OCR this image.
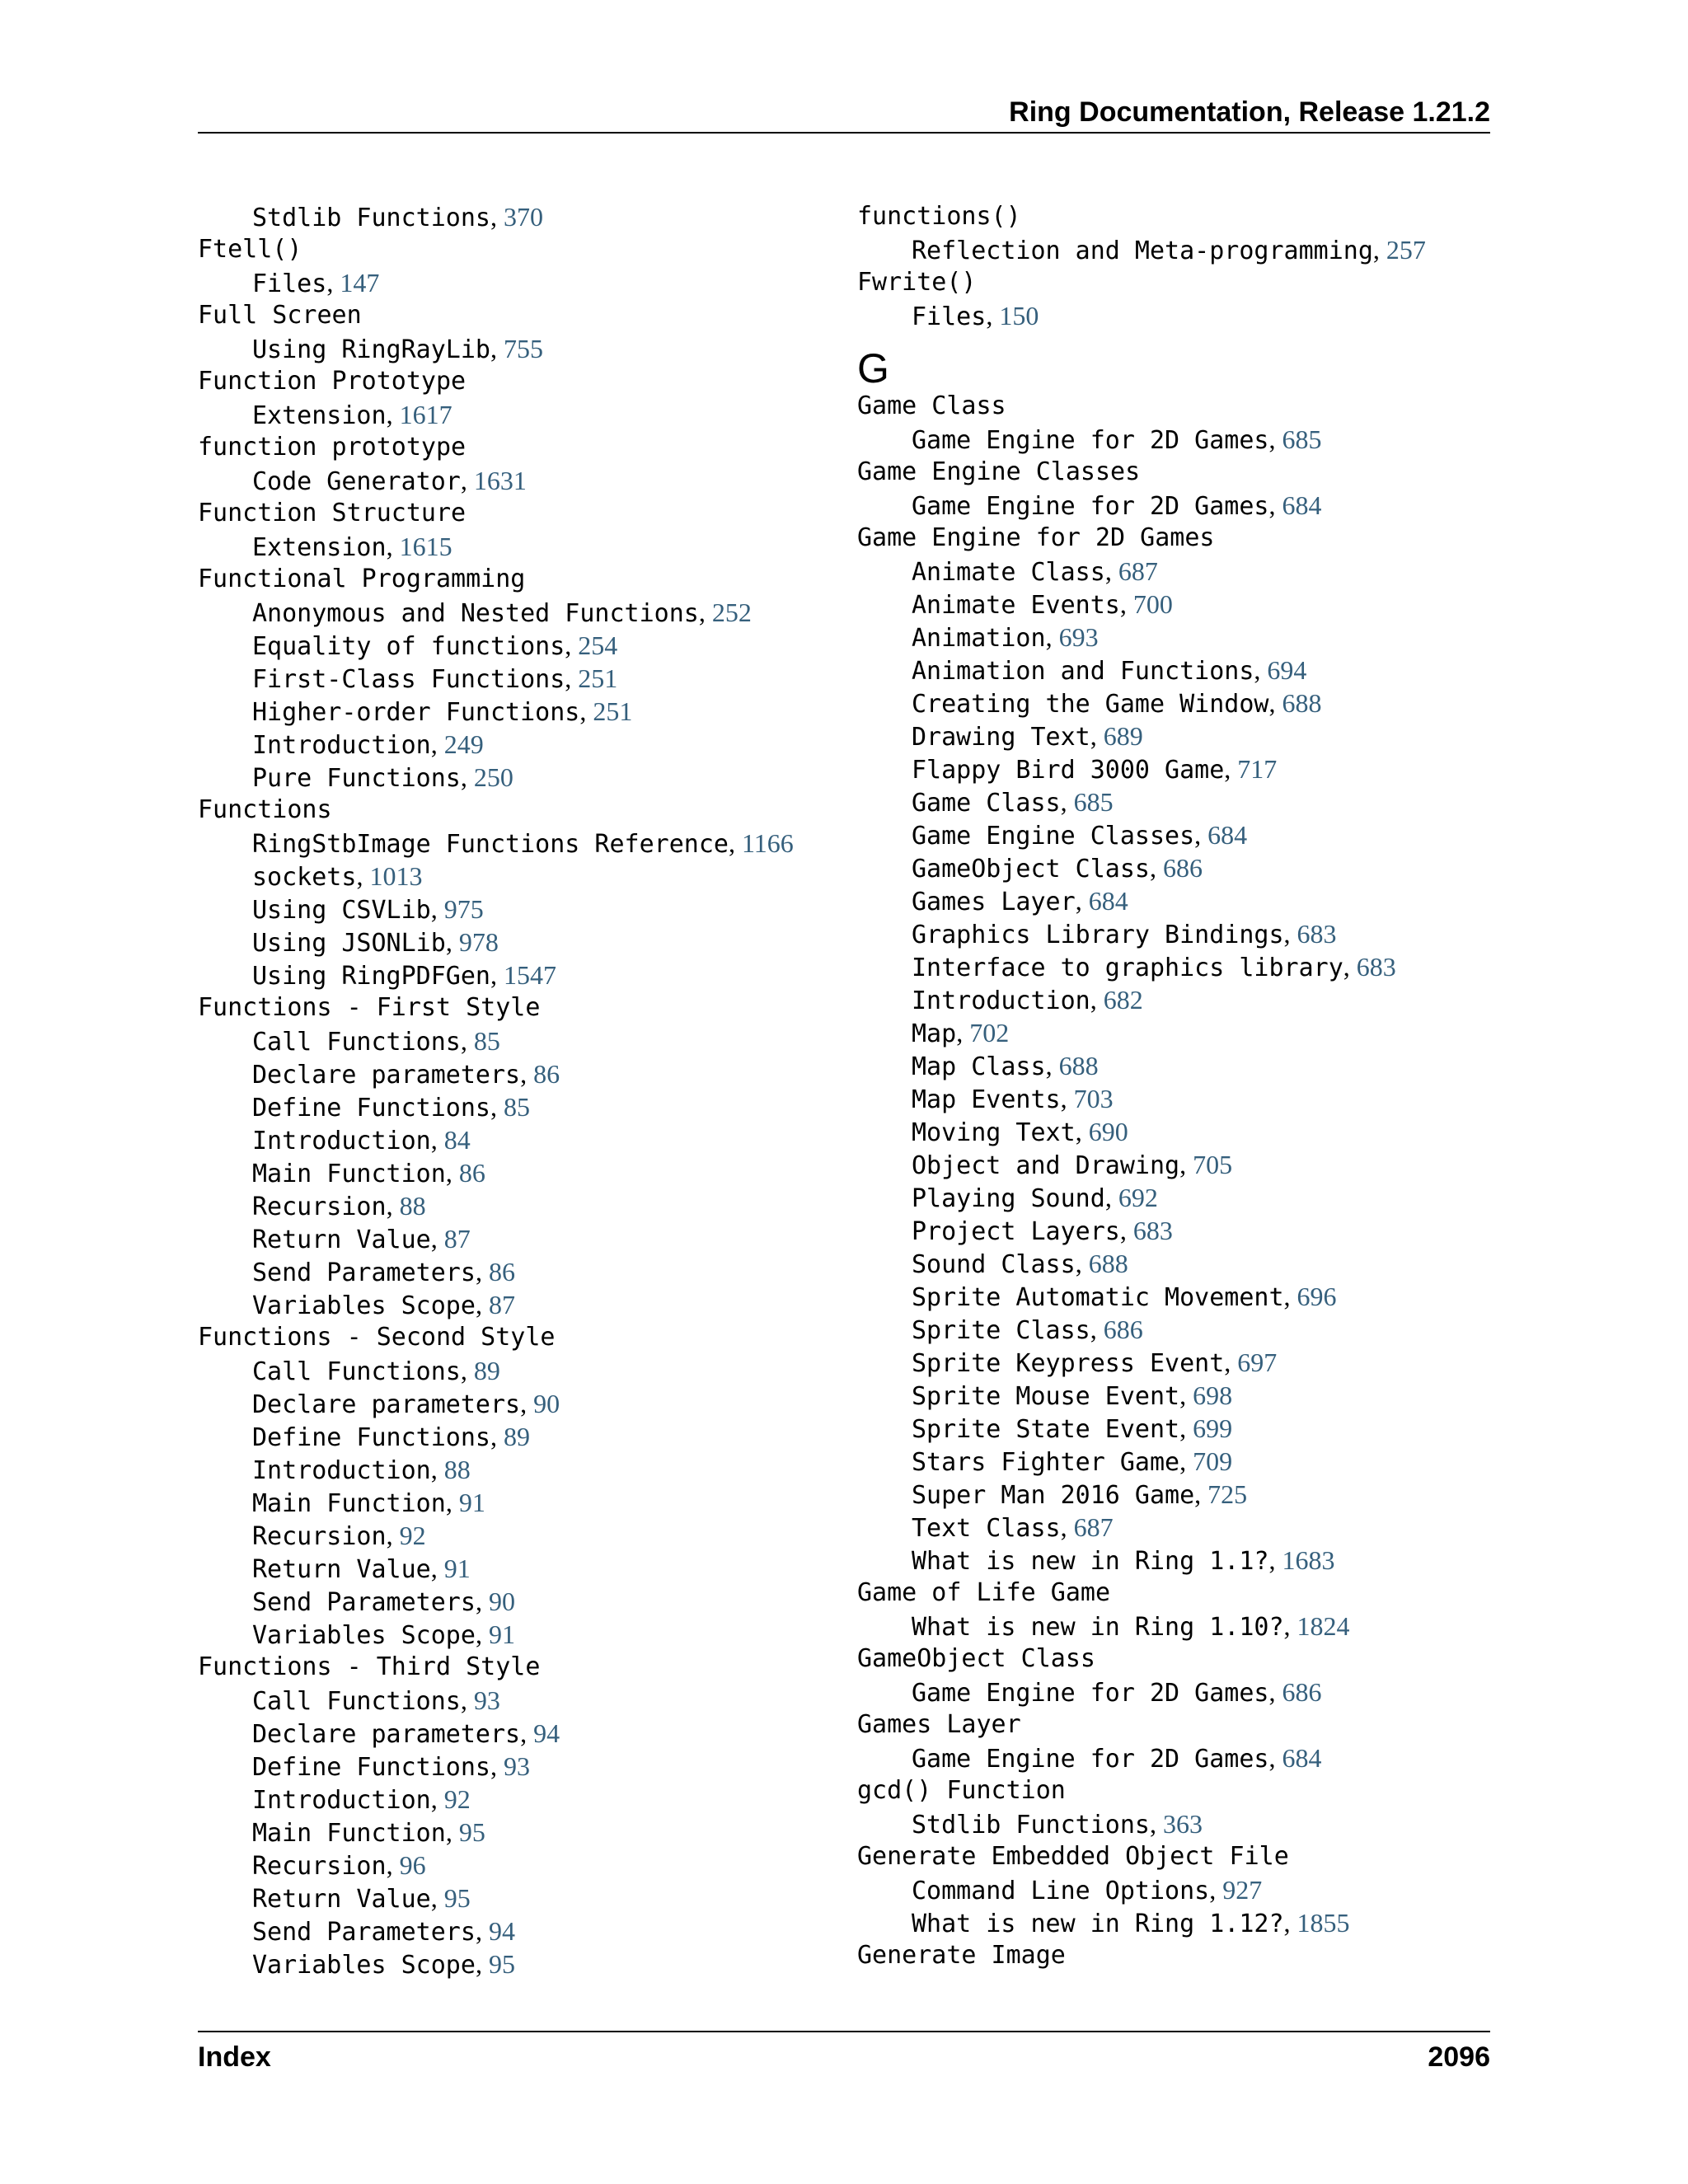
Ring Documentation, Release 1.21.2
Stdlib Functions, 370
Ftell()
Files, 147
Full Screen
Using RingRayLib, 755
Function Prototype
Extension, 1617
function prototype
Code Generator, 1631
Function Structure
Extension, 1615
Functional Programming
Anonymous and Nested Functions, 252
Equality of functions, 254
First-Class Functions, 251
Higher-order Functions, 251
Introduction, 249
Pure Functions, 250
Functions
RingStbImage Functions Reference, 1166
sockets, 1013
Using CSVLib, 975
Using JSONLib, 978
Using RingPDFGen, 1547
Functions - First Style
Call Functions, 85
Declare parameters, 86
Define Functions, 85
Introduction, 84
Main Function, 86
Recursion, 88
Return Value, 87
Send Parameters, 86
Variables Scope, 87
Functions - Second Style
Call Functions, 89
Declare parameters, 90
Define Functions, 89
Introduction, 88
Main Function, 91
Recursion, 92
Return Value, 91
Send Parameters, 90
Variables Scope, 91
Functions - Third Style
Call Functions, 93
Declare parameters, 94
Define Functions, 93
Introduction, 92
Main Function, 95
Recursion, 96
Return Value, 95
Send Parameters, 94
Variables Scope, 95
functions()
Reflection and Meta-programming, 257
Fwrite()
Files, 150
G
Game Class
Game Engine for 2D Games, 685
Game Engine Classes
Game Engine for 2D Games, 684
Game Engine for 2D Games
Animate Class, 687
Animate Events, 700
Animation, 693
Animation and Functions, 694
Creating the Game Window, 688
Drawing Text, 689
Flappy Bird 3000 Game, 717
Game Class, 685
Game Engine Classes, 684
GameObject Class, 686
Games Layer, 684
Graphics Library Bindings, 683
Interface to graphics library, 683
Introduction, 682
Map, 702
Map Class, 688
Map Events, 703
Moving Text, 690
Object and Drawing, 705
Playing Sound, 692
Project Layers, 683
Sound Class, 688
Sprite Automatic Movement, 696
Sprite Class, 686
Sprite Keypress Event, 697
Sprite Mouse Event, 698
Sprite State Event, 699
Stars Fighter Game, 709
Super Man 2016 Game, 725
Text Class, 687
What is new in Ring 1.1?, 1683
Game of Life Game
What is new in Ring 1.10?, 1824
GameObject Class
Game Engine for 2D Games, 686
Games Layer
Game Engine for 2D Games, 684
gcd() Function
Stdlib Functions, 363
Generate Embedded Object File
Command Line Options, 927
What is new in Ring 1.12?, 1855
Generate Image
Index	2096
